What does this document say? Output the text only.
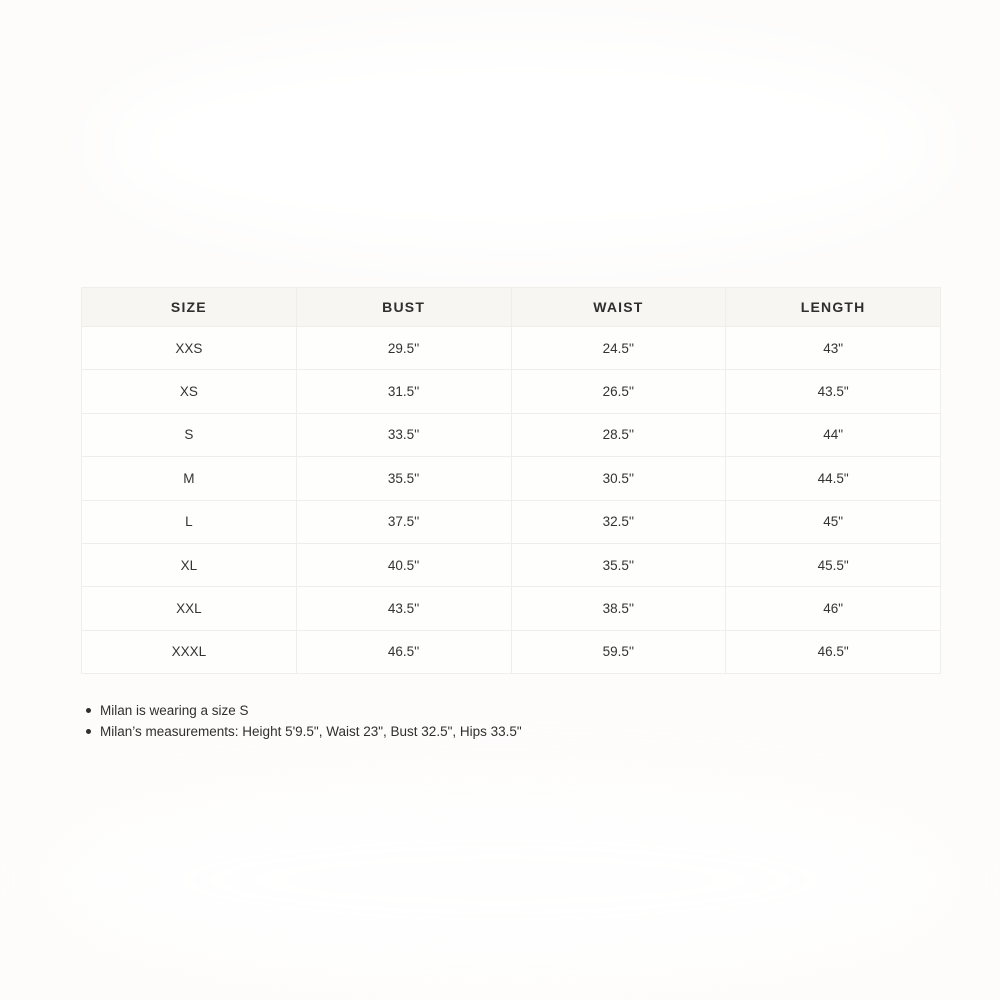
SIZE	BUST	WAIST	LENGTH
XXS	29.5''	24.5''	43"
XS	31.5''	26.5''	43.5"
S	33.5''	28.5''	44"
M	35.5''	30.5''	44.5"
L	37.5''	32.5''	45"
XL	40.5''	35.5''	45.5"
XXL	43.5''	38.5''	46"
XXXL	46.5''	59.5''	46.5"
Milan is wearing a size S
Milan’s measurements: Height 5'9.5", Waist 23", Bust 32.5", Hips 33.5"
